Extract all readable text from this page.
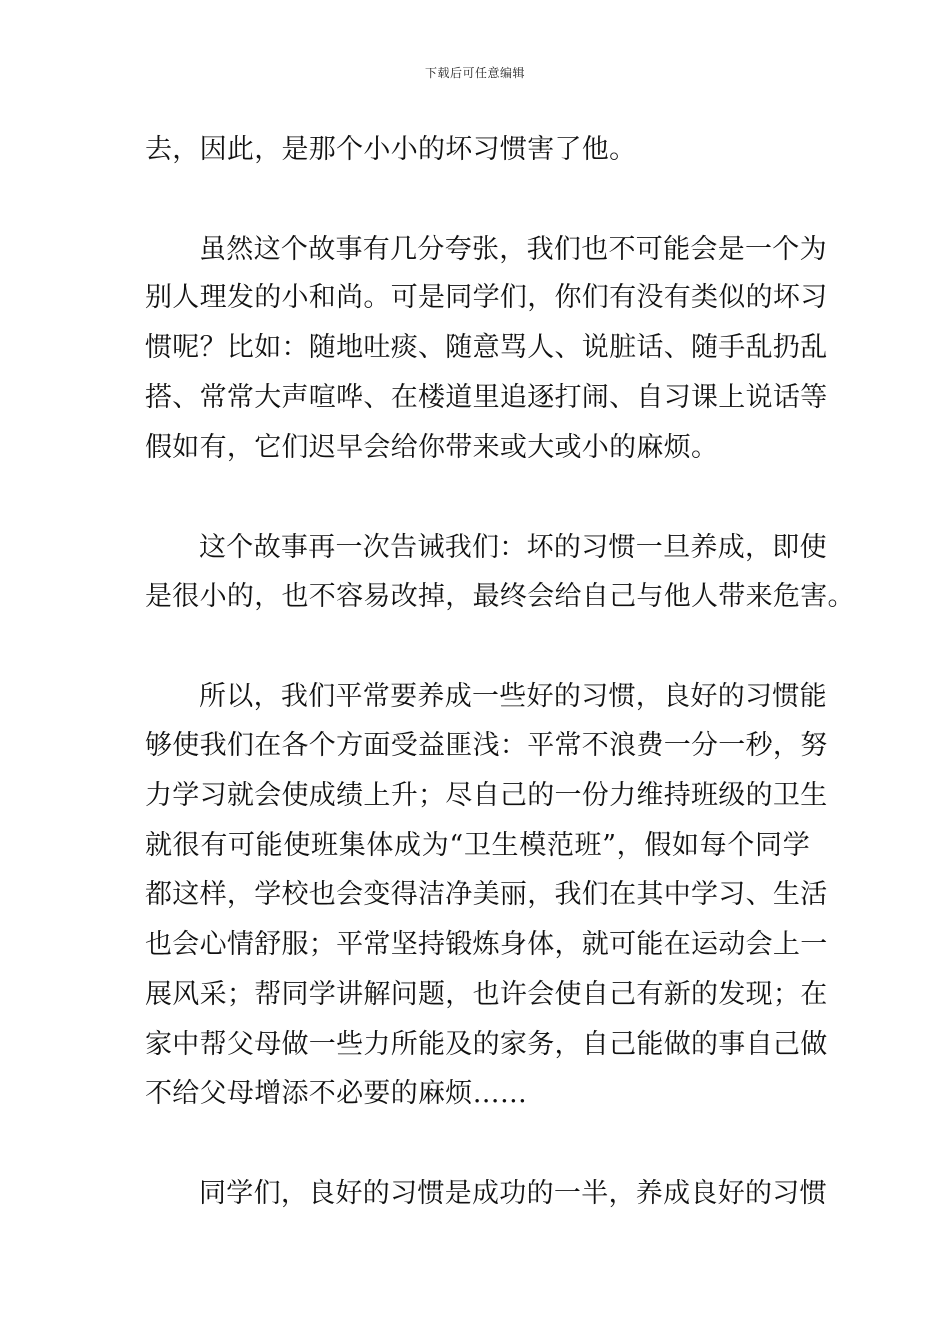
下载后可任意编辑
去，因此，是那个小小的坏习惯害了他。
虽然这个故事有几分夸张，我们也不可能会是一个为
别人理发的小和尚。可是同学们，你们有没有类似的坏习
惯呢？比如：随地吐痰、随意骂人、说脏话、随手乱扔乱
搭、常常大声喧哗、在楼道里追逐打闹、自习课上说话等
假如有，它们迟早会给你带来或大或小的麻烦。
这个故事再一次告诫我们：坏的习惯一旦养成，即使
是很小的，也不容易改掉，最终会给自己与他人带来危害。
所以，我们平常要养成一些好的习惯，良好的习惯能
够使我们在各个方面受益匪浅：平常不浪费一分一秒，努
力学习就会使成绩上升；尽自己的一份力维持班级的卫生
就很有可能使班集体成为“卫生模范班”，假如每个同学
都这样，学校也会变得洁净美丽，我们在其中学习、生活
也会心情舒服；平常坚持锻炼身体，就可能在运动会上一
展风采；帮同学讲解问题，也许会使自己有新的发现；在
家中帮父母做一些力所能及的家务，自己能做的事自己做
不给父母增添不必要的麻烦……
同学们，良好的习惯是成功的一半，养成良好的习惯
